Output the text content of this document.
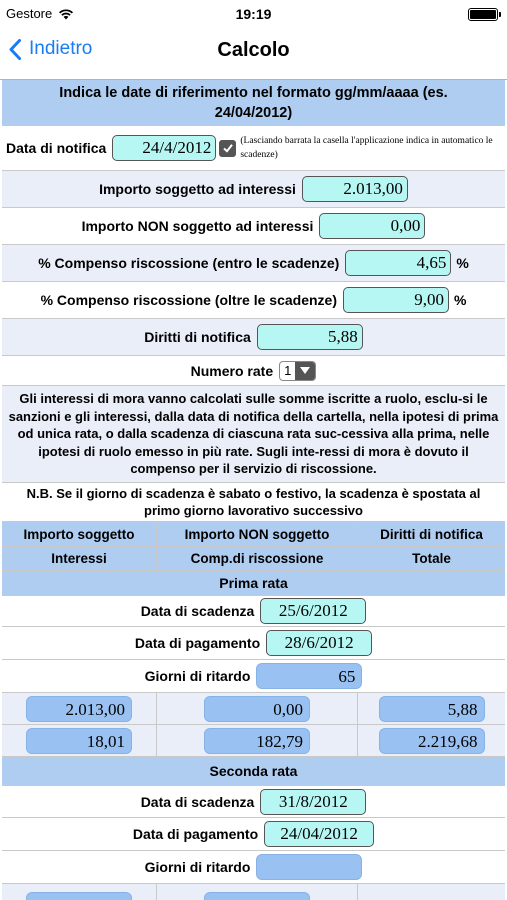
Gestore	19:19
Indietro	Calcolo
Indica le date di riferimento nel formato gg/mm/aaaa (es. 24/04/2012)
Data di notifica	24/4/2012	(Lasciando barrata la casella l'applicazione indica in automatico le scadenze)
Importo soggetto ad interessi	2.013,00
Importo NON soggetto ad interessi	0,00
% Compenso riscossione (entro le scadenze)	4,65 %
% Compenso riscossione (oltre le scadenze)	9,00 %
Diritti di notifica	5,88
Numero rate 1
Gli interessi di mora vanno calcolati sulle somme iscritte a ruolo, esclu-si le sanzioni e gli interessi, dalla data di notifica della cartella, nella ipotesi di prima od unica rata, o dalla scadenza di ciascuna rata suc-cessiva alla prima, nelle ipotesi di ruolo emesso in più rate. Sugli inte-ressi di mora è dovuto il compenso per il servizio di riscossione.
N.B. Se il giorno di scadenza è sabato o festivo, la scadenza è spostata al primo giorno lavorativo successivo
Importo soggetto	Importo NON soggetto	Diritti di notifica
Interessi	Comp.di riscossione	Totale
Prima rata
Data di scadenza	25/6/2012
Data di pagamento	28/6/2012
Giorni di ritardo	65
2.013,00	0,00	5,88
18,01	182,79	2.219,68
Seconda rata
Data di scadenza	31/8/2012
Data di pagamento	24/04/2012
Giorni di ritardo
